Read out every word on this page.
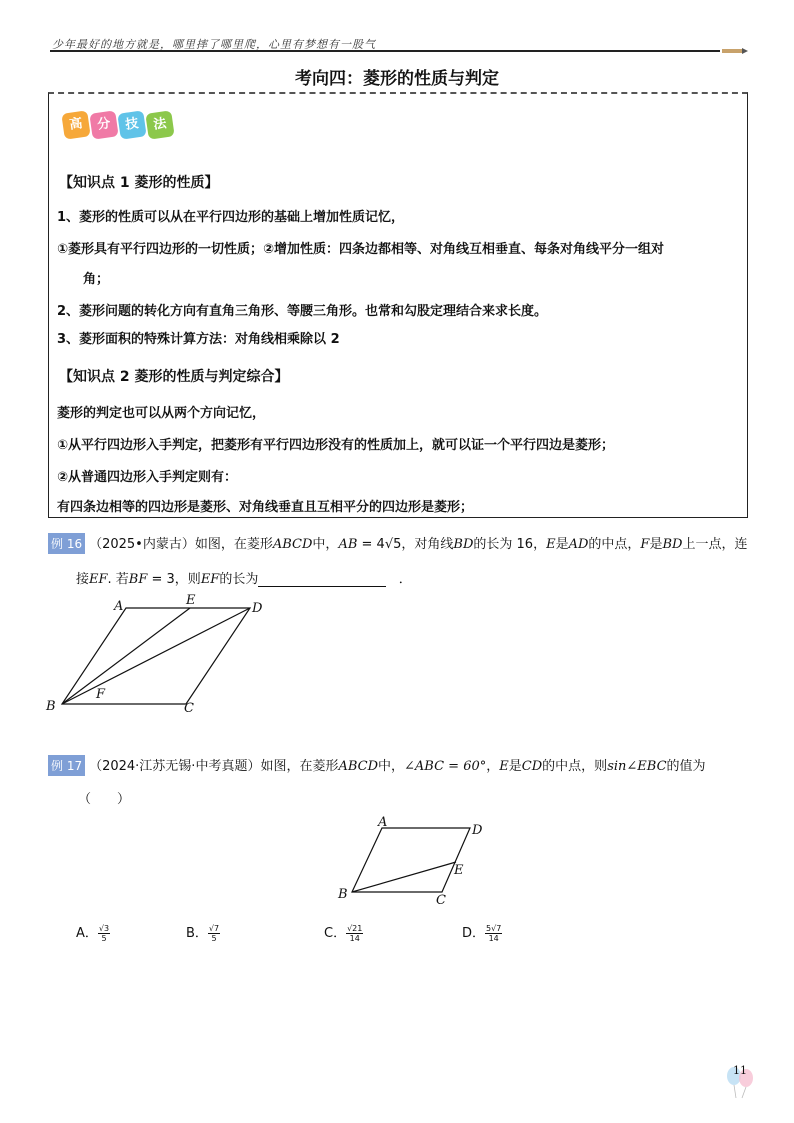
少年最好的地方就是，哪里摔了哪里爬，心里有梦想有一股气
考向四：菱形的性质与判定
高 分 技 法
【知识点 1 菱形的性质】
1、菱形的性质可以从在平行四边形的基础上增加性质记忆，
①菱形具有平行四边形的一切性质；②增加性质：四条边都相等、对角线互相垂直、每条对角线平分一组对
角；
2、菱形问题的转化方向有直角三角形、等腰三角形。也常和勾股定理结合来求长度。
3、菱形面积的特殊计算方法：对角线相乘除以 2
【知识点 2 菱形的性质与判定综合】
菱形的判定也可以从两个方向记忆，
①从平行四边形入手判定，把菱形有平行四边形没有的性质加上，就可以证一个平行四边是菱形；
②从普通四边形入手判定则有：
有四条边相等的四边形是菱形、对角线垂直且互相平分的四边形是菱形；
例 16 （2025•内蒙古）如图，在菱形ABCD中，AB = 4√5，对角线BD的长为 16，E是AD的中点，F是BD上一点，连
接EF. 若BF = 3，则EF的长为	．
A	E
D
B
F
C
例 17 （2024·江苏无锡·中考真题）如图，在菱形ABCD中，∠ABC = 60°，E是CD的中点，则sin∠EBC的值为
（　　）
A
D
E
B	C
A． $\frac{√3}{5}$	B． $\frac{√7}{5}$	C． $\frac{√21}{14}$	D． $\frac{5√7}{14}$
11
